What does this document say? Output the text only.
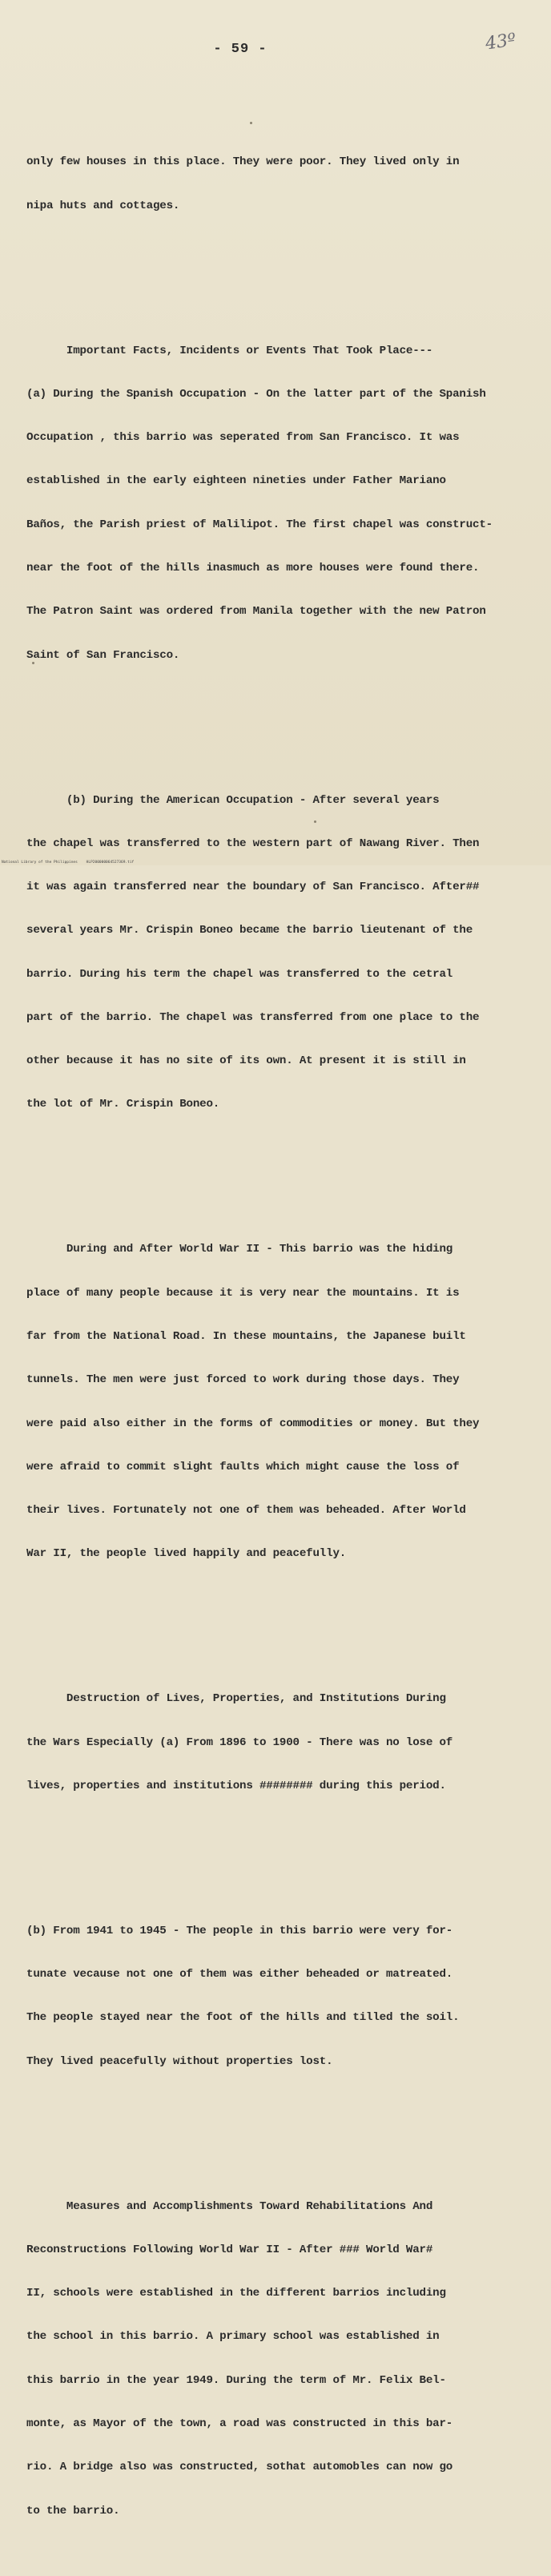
- 59 -	43º

only few houses in this place. They were poor. They lived only in

nipa huts and cottages.

Important Facts, Incidents or Events That Took Place---

(a) During the Spanish Occupation - On the latter part of the Spanish

Occupation , this barrio was seperated from San Francisco. It was

established in the early eighteen nineties under Father Mariano

Baños, the Parish priest of Malilipot. The first chapel was construct-

near the foot of the hills inasmuch as more houses were found there.

The Patron Saint was ordered from Manila together with the new Patron

Saint of San Francisco.

(b) During the American Occupation - After several years

the chapel was transferred to the western part of Nawang River. Then

it was again transferred near the boundary of San Francisco. After##

several years Mr. Crispin Boneo became the barrio lieutenant of the

barrio. During his term the chapel was transferred to the cetral

part of the barrio. The chapel was transferred from one place to the

other because it has no site of its own. At present it is still in

the lot of Mr. Crispin Boneo.

During and After World War II - This barrio was the hiding

place of many people because it is very near the mountains. It is

far from the National Road. In these mountains, the Japanese built

tunnels. The men were just forced to work during those days. They

were paid also either in the forms of commodities or money. But they

were afraid to commit slight faults which might cause the loss of

their lives. Fortunately not one of them was beheaded. After World

War II, the people lived happily and peacefully.

Destruction of Lives, Properties, and Institutions During

the Wars Especially (a) From 1896 to 1900 - There was no lose of

lives, properties and institutions ######## during this period.

(b) From 1941 to 1945 - The people in this barrio were very for-

tunate vecause not one of them was either beheaded or matreated.

The people stayed near the foot of the hills and tilled the soil.

They lived peacefully without properties lost.

Measures and Accomplishments Toward Rehabilitations And

Reconstructions Following World War II - After ### World War#

II, schools were established in the different barrios including

the school in this barrio. A primary school was established in

this barrio in the year 1949. During the term of Mr. Felix Bel-

monte, as Mayor of the town, a road was constructed in this bar-

rio. A bridge also was constructed, sothat automobles can now go

to the barrio.

National Library of the Philippines    HLP200000064527369.tif
